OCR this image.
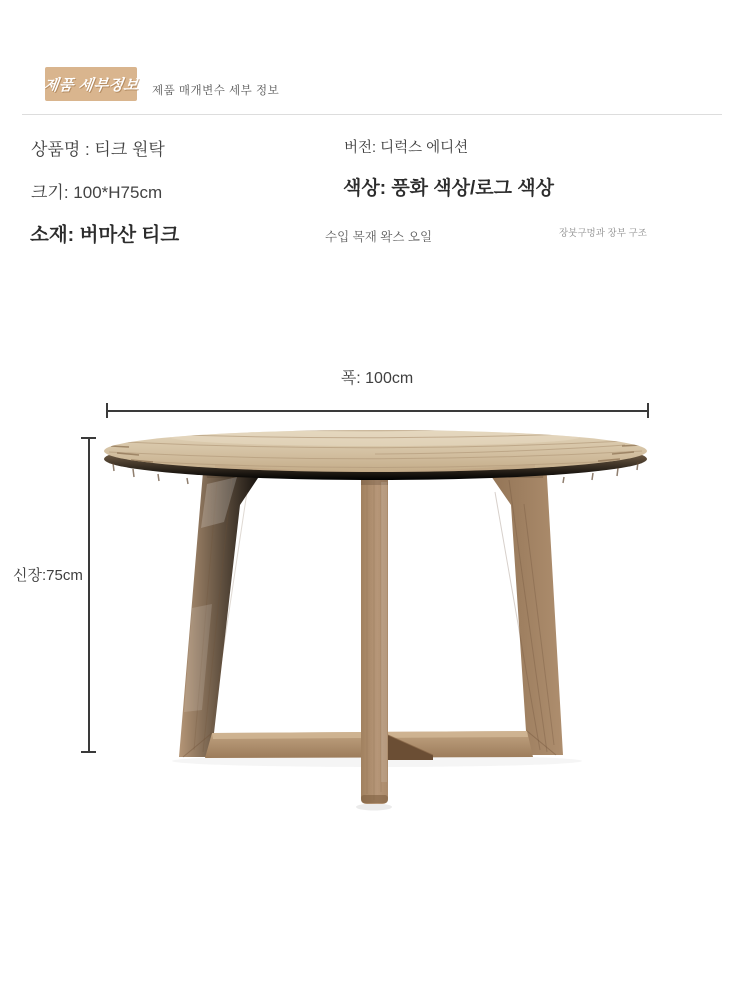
제품 세부정보 제품 매개변수 세부 정보
상품명 : 티크 원탁	버전: 디럭스 에디션
크기: 100*H75cm	색상: 풍화 색상/로그 색상
소재: 버마산 티크	수입 목재 왁스 오일	장붓구멍과 장부 구조
폭: 100cm
신장:75cm
